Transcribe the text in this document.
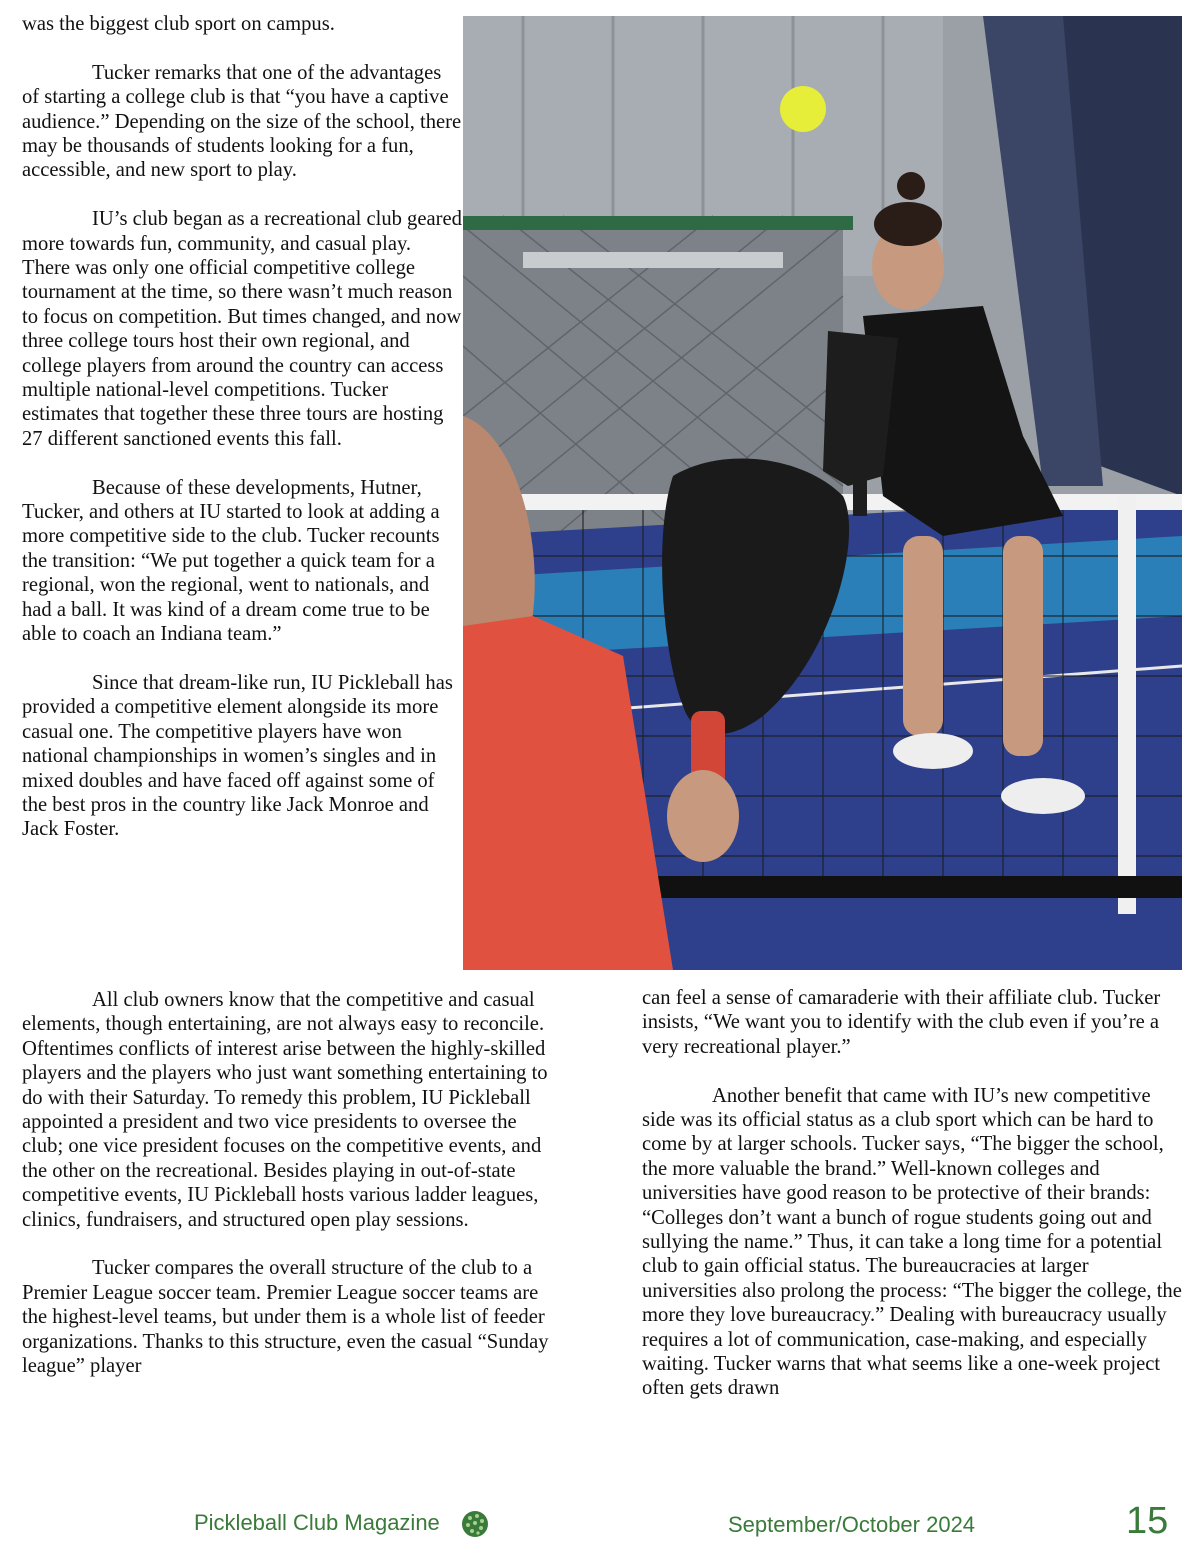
was the biggest club sport on campus.

Tucker remarks that one of the advantages of starting a college club is that “you have a captive audience.” Depending on the size of the school, there may be thousands of students looking for a fun, accessible, and new sport to play.

IU’s club began as a recreational club geared more towards fun, community, and casual play. There was only one official competitive college tournament at the time, so there wasn’t much reason to focus on competition. But times changed, and now three college tours host their own regional, and college players from around the country can access multiple national-level competitions. Tucker estimates that together these three tours are hosting 27 different sanctioned events this fall.

Because of these developments, Hutner, Tucker, and others at IU started to look at adding a more competitive side to the club. Tucker recounts the transition: “We put together a quick team for a regional, won the regional, went to nationals, and had a ball. It was kind of a dream come true to be able to coach an Indiana team.”

Since that dream-like run, IU Pickleball has provided a competitive element alongside its more casual one. The competitive players have won national championships in women’s singles and in mixed doubles and have faced off against some of the best pros in the country like Jack Monroe and Jack Foster.

All club owners know that the competitive and casual elements, though entertaining, are not always easy to reconcile. Oftentimes conflicts of interest arise between the highly-skilled players and the players who just want something entertaining to do with their Saturday. To remedy this problem, IU Pickleball appointed a president and two vice presidents to oversee the club; one vice president focuses on the competitive events, and the other on the recreational. Besides playing in out-of-state competitive events, IU Pickleball hosts various ladder leagues, clinics, fundraisers, and structured open play sessions.

Tucker compares the overall structure of the club to a Premier League soccer team. Premier League soccer teams are the highest-level teams, but under them is a whole list of feeder organizations. Thanks to this structure, even the casual “Sunday league” player

can feel a sense of camaraderie with their affiliate club. Tucker insists, “We want you to identify with the club even if you’re a very recreational player.”

Another benefit that came with IU’s new competitive side was its official status as a club sport which can be hard to come by at larger schools. Tucker says, “The bigger the school, the more valuable the brand.” Well-known colleges and universities have good reason to be protective of their brands: “Colleges don’t want a bunch of rogue students going out and sullying the name.” Thus, it can take a long time for a potential club to gain official status. The bureaucracies at larger universities also prolong the process: “The bigger the college, the more they love bureaucracy.” Dealing with bureaucracy usually requires a lot of communication, case-making, and especially waiting. Tucker warns that what seems like a one-week project often gets drawn

Pickleball Club Magazine	September/October 2024	15
